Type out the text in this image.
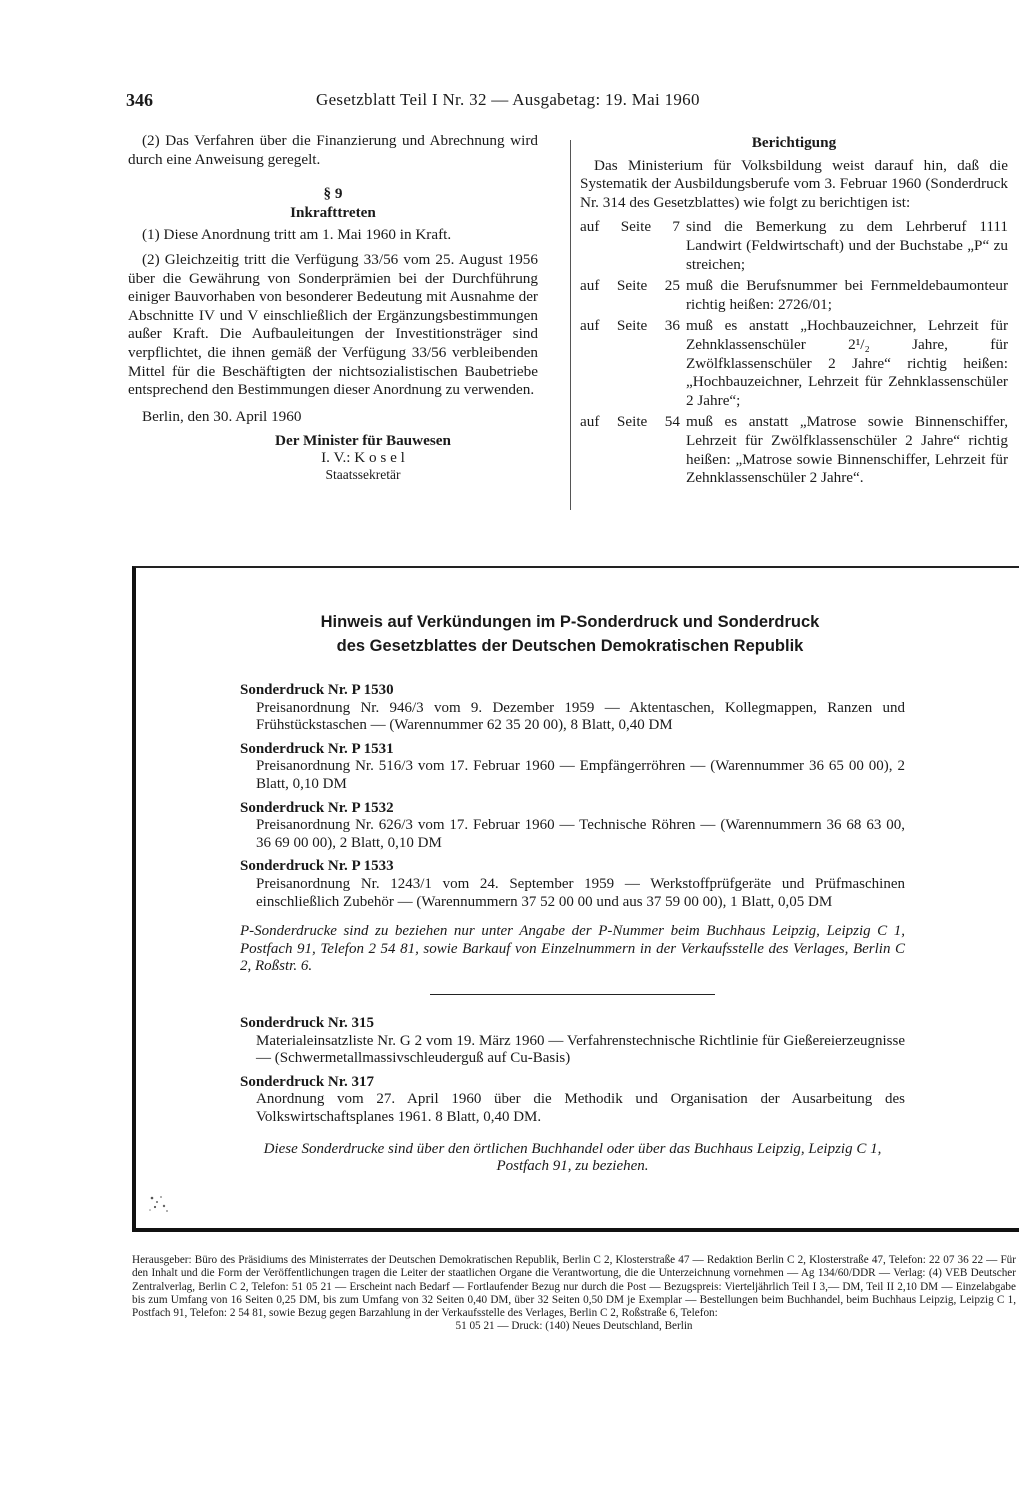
346	Gesetzblatt Teil I Nr. 32 — Ausgabetag: 19. Mai 1960

(2) Das Verfahren über die Finanzierung und Abrechnung wird durch eine Anweisung geregelt.

§ 9
Inkrafttreten

(1) Diese Anordnung tritt am 1. Mai 1960 in Kraft.

(2) Gleichzeitig tritt die Verfügung 33/56 vom 25. August 1956 über die Gewährung von Sonderprämien bei der Durchführung einiger Bauvorhaben von besonderer Bedeutung mit Ausnahme der Abschnitte IV und V einschließlich der Ergänzungsbestimmungen außer Kraft. Die Aufbauleitungen der Investitionsträger sind verpflichtet, die ihnen gemäß der Verfügung 33/56 verbleibenden Mittel für die Beschäftigten der nichtsozialistischen Baubetriebe entsprechend den Bestimmungen dieser Anordnung zu verwenden.

Berlin, den 30. April 1960

Der Minister für Bauwesen
I. V.: K o s e l
Staatssekretär
Berichtigung

Das Ministerium für Volksbildung weist darauf hin, daß die Systematik der Ausbildungsberufe vom 3. Februar 1960 (Sonderdruck Nr. 314 des Gesetzblattes) wie folgt zu berichtigen ist:

auf Seite 7 sind die Bemerkung zu dem Lehrberuf 1111 Landwirt (Feldwirtschaft) und der Buchstabe „P“ zu streichen;
auf Seite 25 muß die Berufsnummer bei Fernmeldebaumonteur richtig heißen: 2726/01;
auf Seite 36 muß es anstatt „Hochbauzeichner, Lehrzeit für Zehnklassenschüler 2¹/₂ Jahre, für Zwölfklassenschüler 2 Jahre“ richtig heißen: „Hochbauzeichner, Lehrzeit für Zehnklassenschüler 2 Jahre“;
auf Seite 54 muß es anstatt „Matrose sowie Binnenschiffer, Lehrzeit für Zwölfklassenschüler 2 Jahre“ richtig heißen: „Matrose sowie Binnenschiffer, Lehrzeit für Zehnklassenschüler 2 Jahre“.
Hinweis auf Verkündungen im P-Sonderdruck und Sonderdruck
des Gesetzblattes der Deutschen Demokratischen Republik
Sonderdruck Nr. P 1530
Preisanordnung Nr. 946/3 vom 9. Dezember 1959 — Aktentaschen, Kollegmappen, Ranzen und Frühstückstaschen — (Warennummer 62 35 20 00), 8 Blatt, 0,40 DM
Sonderdruck Nr. P 1531
Preisanordnung Nr. 516/3 vom 17. Februar 1960 — Empfängerröhren — (Warennummer 36 65 00 00), 2 Blatt, 0,10 DM
Sonderdruck Nr. P 1532
Preisanordnung Nr. 626/3 vom 17. Februar 1960 — Technische Röhren — (Warennummern 36 68 63 00, 36 69 00 00), 2 Blatt, 0,10 DM
Sonderdruck Nr. P 1533
Preisanordnung Nr. 1243/1 vom 24. September 1959 — Werkstoffprüfgeräte und Prüfmaschinen einschließlich Zubehör — (Warennummern 37 52 00 00 und aus 37 59 00 00), 1 Blatt, 0,05 DM
P-Sonderdrucke sind zu beziehen nur unter Angabe der P-Nummer beim Buchhaus Leipzig, Leipzig C 1, Postfach 91, Telefon 2 54 81, sowie Barkauf von Einzelnummern in der Verkaufsstelle des Verlages, Berlin C 2, Roßstr. 6.
Sonderdruck Nr. 315
Materialeinsatzliste Nr. G 2 vom 19. März 1960 — Verfahrenstechnische Richtlinie für Gießereierzeugnisse — (Schwermetallmassivschleuderguß auf Cu-Basis)
Sonderdruck Nr. 317
Anordnung vom 27. April 1960 über die Methodik und Organisation der Ausarbeitung des Volkswirtschaftsplanes 1961. 8 Blatt, 0,40 DM.
Diese Sonderdrucke sind über den örtlichen Buchhandel oder über das Buchhaus Leipzig, Leipzig C 1, Postfach 91, zu beziehen.
Herausgeber: Büro des Präsidiums des Ministerrates der Deutschen Demokratischen Republik, Berlin C 2, Klosterstraße 47 — Redaktion Berlin C 2, Klosterstraße 47, Telefon: 22 07 36 22 — Für den Inhalt und die Form der Veröffentlichungen tragen die Leiter der staatlichen Organe die Verantwortung, die die Unterzeichnung vornehmen — Ag 134/60/DDR — Verlag: (4) VEB Deutscher Zentralverlag, Berlin C 2, Telefon: 51 05 21 — Erscheint nach Bedarf — Fortlaufender Bezug nur durch die Post — Bezugspreis: Vierteljährlich Teil I 3,— DM, Teil II 2,10 DM — Einzelabgabe bis zum Umfang von 16 Seiten 0,25 DM, bis zum Umfang von 32 Seiten 0,40 DM, über 32 Seiten 0,50 DM je Exemplar — Bestellungen beim Buchhandel, beim Buchhaus Leipzig, Leipzig C 1, Postfach 91, Telefon: 2 54 81, sowie Bezug gegen Barzahlung in der Verkaufsstelle des Verlages, Berlin C 2, Roßstraße 6, Telefon:
51 05 21 — Druck: (140) Neues Deutschland, Berlin
